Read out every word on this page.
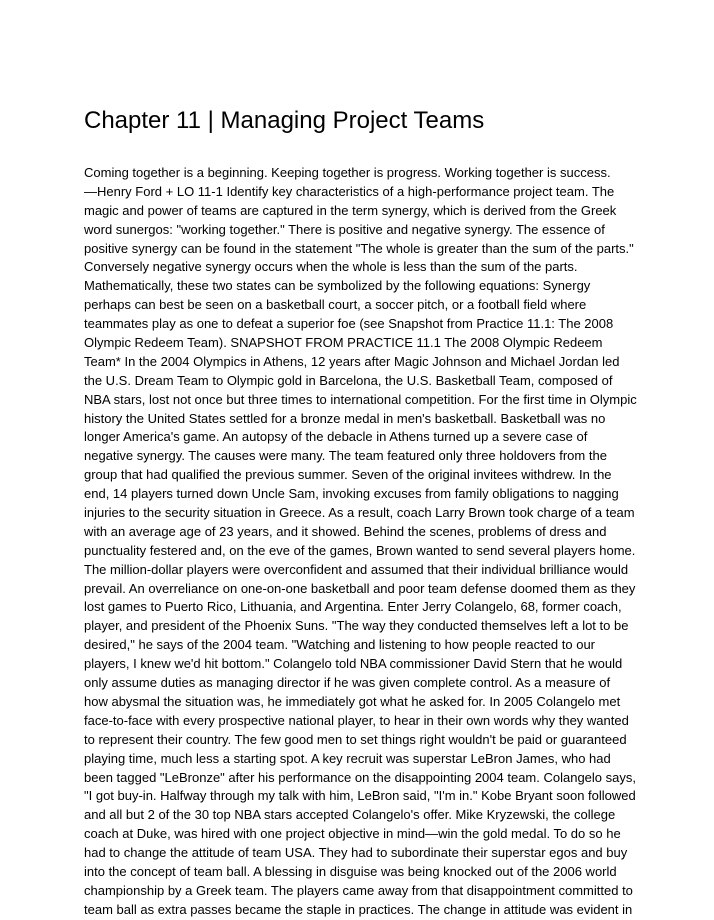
Chapter 11 | Managing Project Teams
Coming together is a beginning. Keeping together is progress. Working together is success.
—Henry Ford + LO 11-1 Identify key characteristics of a high-performance project team. The
magic and power of teams are captured in the term synergy, which is derived from the Greek
word sunergos: "working together." There is positive and negative synergy. The essence of
positive synergy can be found in the statement "The whole is greater than the sum of the parts."
Conversely negative synergy occurs when the whole is less than the sum of the parts.
Mathematically, these two states can be symbolized by the following equations: Synergy
perhaps can best be seen on a basketball court, a soccer pitch, or a football field where
teammates play as one to defeat a superior foe (see Snapshot from Practice 11.1: The 2008
Olympic Redeem Team). SNAPSHOT FROM PRACTICE 11.1 The 2008 Olympic Redeem
Team* In the 2004 Olympics in Athens, 12 years after Magic Johnson and Michael Jordan led
the U.S. Dream Team to Olympic gold in Barcelona, the U.S. Basketball Team, composed of
NBA stars, lost not once but three times to international competition. For the first time in Olympic
history the United States settled for a bronze medal in men's basketball. Basketball was no
longer America's game. An autopsy of the debacle in Athens turned up a severe case of
negative synergy. The causes were many. The team featured only three holdovers from the
group that had qualified the previous summer. Seven of the original invitees withdrew. In the
end, 14 players turned down Uncle Sam, invoking excuses from family obligations to nagging
injuries to the security situation in Greece. As a result, coach Larry Brown took charge of a team
with an average age of 23 years, and it showed. Behind the scenes, problems of dress and
punctuality festered and, on the eve of the games, Brown wanted to send several players home.
The million-dollar players were overconfident and assumed that their individual brilliance would
prevail. An overreliance on one-on-one basketball and poor team defense doomed them as they
lost games to Puerto Rico, Lithuania, and Argentina. Enter Jerry Colangelo, 68, former coach,
player, and president of the Phoenix Suns. "The way they conducted themselves left a lot to be
desired," he says of the 2004 team. "Watching and listening to how people reacted to our
players, I knew we'd hit bottom." Colangelo told NBA commissioner David Stern that he would
only assume duties as managing director if he was given complete control. As a measure of
how abysmal the situation was, he immediately got what he asked for. In 2005 Colangelo met
face-to-face with every prospective national player, to hear in their own words why they wanted
to represent their country. The few good men to set things right wouldn't be paid or guaranteed
playing time, much less a starting spot. A key recruit was superstar LeBron James, who had
been tagged "LeBronze" after his performance on the disappointing 2004 team. Colangelo says,
"I got buy-in. Halfway through my talk with him, LeBron said, "I'm in." Kobe Bryant soon followed
and all but 2 of the 30 top NBA stars accepted Colangelo's offer. Mike Kryzewski, the college
coach at Duke, was hired with one project objective in mind—win the gold medal. To do so he
had to change the attitude of team USA. They had to subordinate their superstar egos and buy
into the concept of team ball. A blessing in disguise was being knocked out of the 2006 world
championship by a Greek team. The players came away from that disappointment committed to
team ball as extra passes became the staple in practices. The change in attitude was evident in
